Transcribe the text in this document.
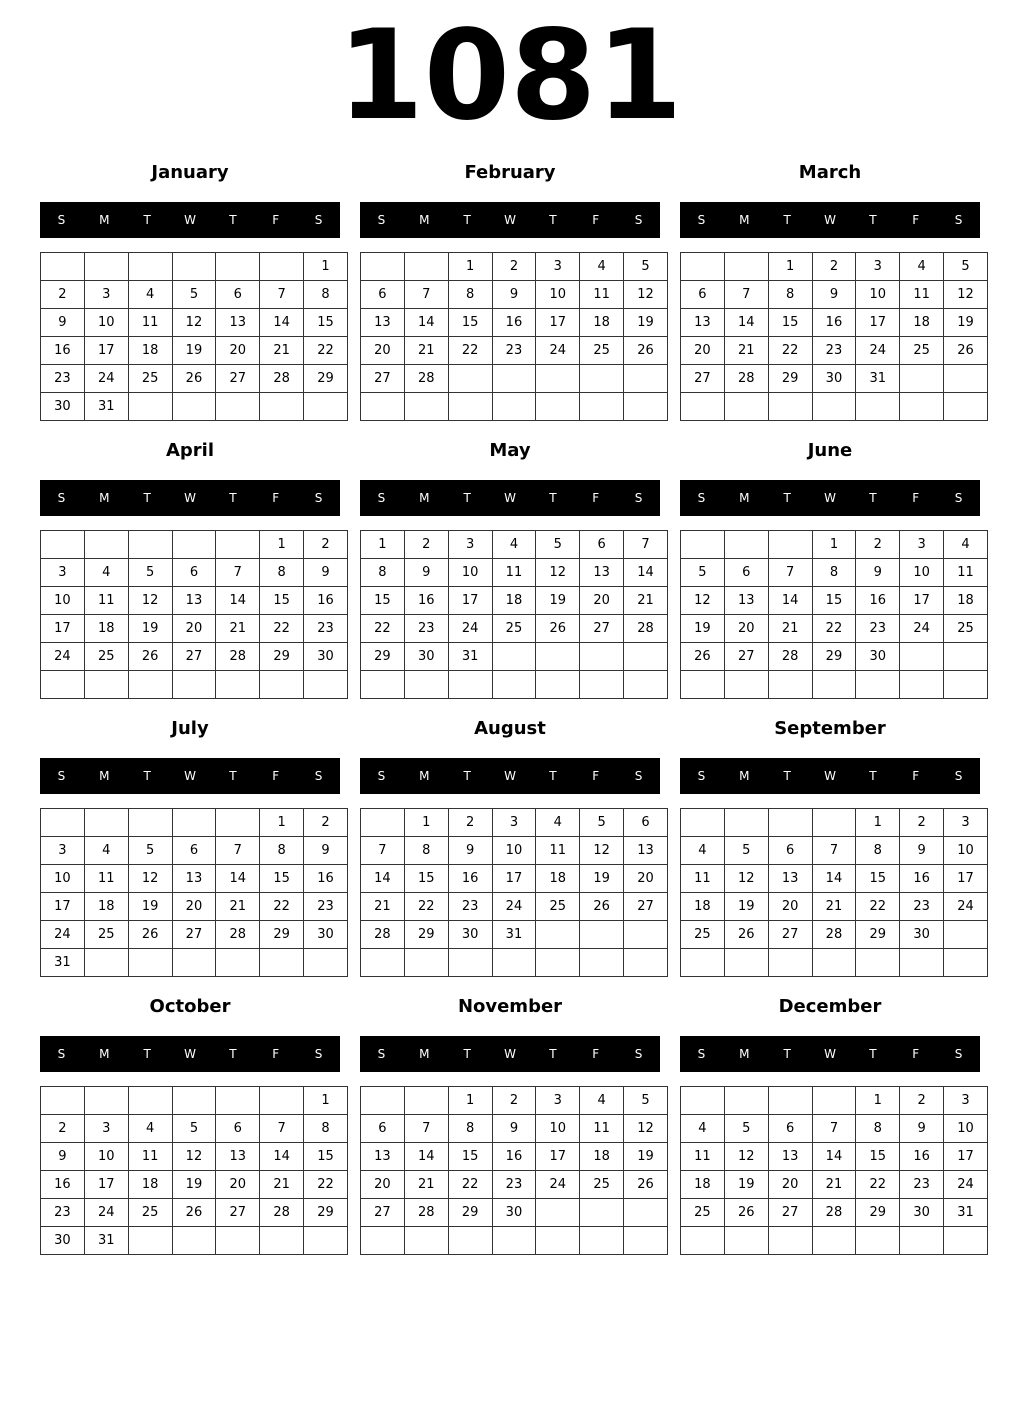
1081
January
S	M	T	W	T	F	S
						1
2	3	4	5	6	7	8
9	10	11	12	13	14	15
16	17	18	19	20	21	22
23	24	25	26	27	28	29
30	31					
February
S	M	T	W	T	F	S
		1	2	3	4	5
6	7	8	9	10	11	12
13	14	15	16	17	18	19
20	21	22	23	24	25	26
27	28					

March
S	M	T	W	T	F	S
		1	2	3	4	5
6	7	8	9	10	11	12
13	14	15	16	17	18	19
20	21	22	23	24	25	26
27	28	29	30	31		

April
S	M	T	W	T	F	S
					1	2
3	4	5	6	7	8	9
10	11	12	13	14	15	16
17	18	19	20	21	22	23
24	25	26	27	28	29	30

May
S	M	T	W	T	F	S
1	2	3	4	5	6	7
8	9	10	11	12	13	14
15	16	17	18	19	20	21
22	23	24	25	26	27	28
29	30	31				

June
S	M	T	W	T	F	S
			1	2	3	4
5	6	7	8	9	10	11
12	13	14	15	16	17	18
19	20	21	22	23	24	25
26	27	28	29	30		

July
S	M	T	W	T	F	S
					1	2
3	4	5	6	7	8	9
10	11	12	13	14	15	16
17	18	19	20	21	22	23
24	25	26	27	28	29	30
31						
August
S	M	T	W	T	F	S
	1	2	3	4	5	6
7	8	9	10	11	12	13
14	15	16	17	18	19	20
21	22	23	24	25	26	27
28	29	30	31			

September
S	M	T	W	T	F	S
				1	2	3
4	5	6	7	8	9	10
11	12	13	14	15	16	17
18	19	20	21	22	23	24
25	26	27	28	29	30	

October
S	M	T	W	T	F	S
						1
2	3	4	5	6	7	8
9	10	11	12	13	14	15
16	17	18	19	20	21	22
23	24	25	26	27	28	29
30	31					
November
S	M	T	W	T	F	S
		1	2	3	4	5
6	7	8	9	10	11	12
13	14	15	16	17	18	19
20	21	22	23	24	25	26
27	28	29	30			

December
S	M	T	W	T	F	S
				1	2	3
4	5	6	7	8	9	10
11	12	13	14	15	16	17
18	19	20	21	22	23	24
25	26	27	28	29	30	31
